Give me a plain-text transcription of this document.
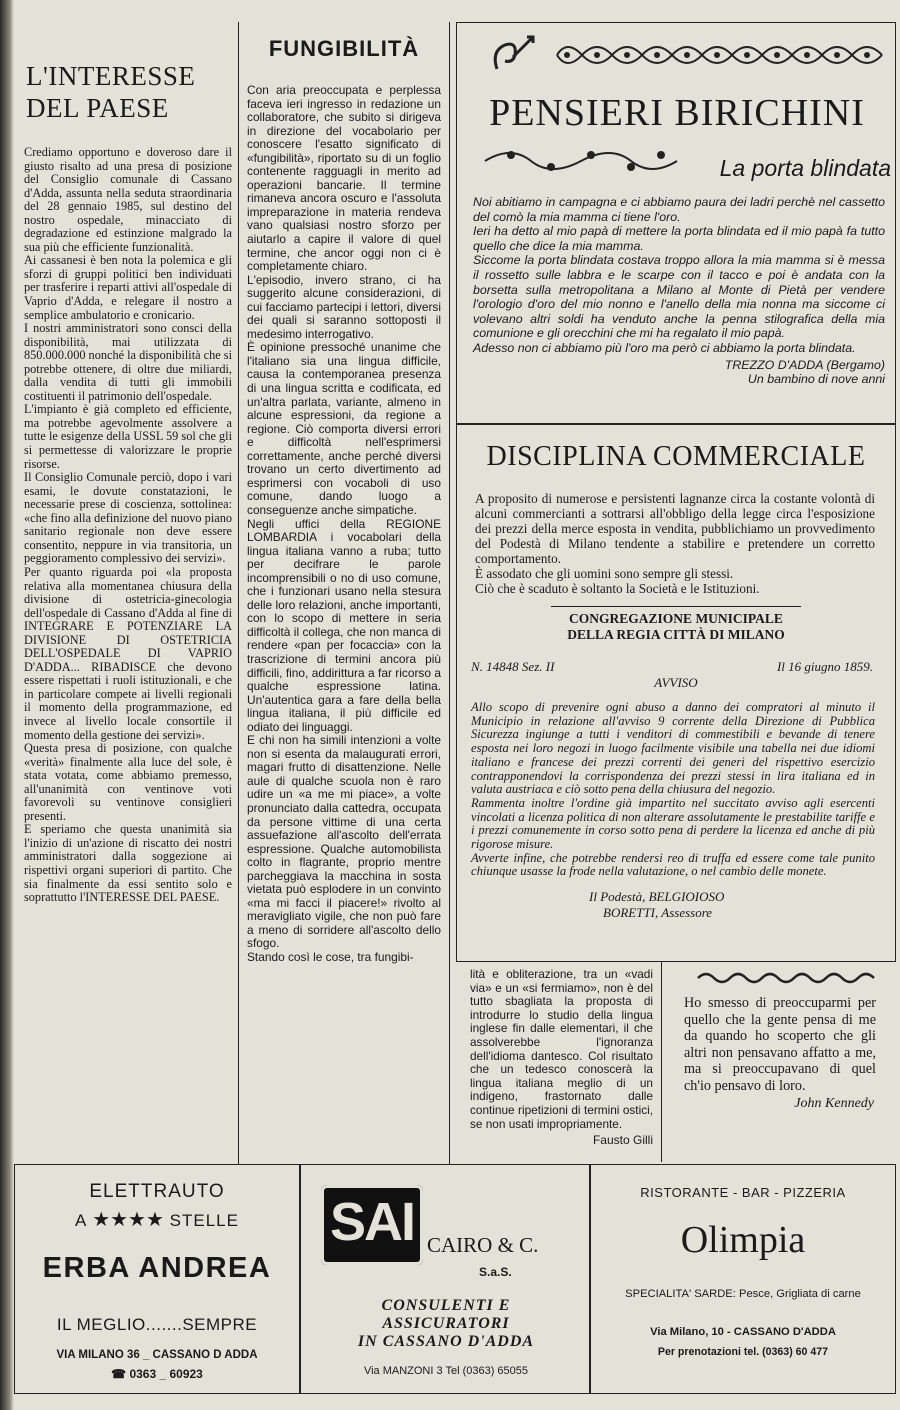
L'INTERESSE DEL PAESE

Crediamo opportuno e doveroso dare il giusto risalto ad una presa di posizione del Consiglio comunale di Cassano d'Adda, assunta nella seduta straordinaria del 28 gennaio 1985, sul destino del nostro ospedale, minacciato di degradazione ed estinzione malgrado la sua più che efficiente funzionalità.

Ai cassanesi è ben nota la polemica e gli sforzi di gruppi politici ben individuati per trasferire i reparti attivi all'ospedale di Vaprio d'Adda, e relegare il nostro a semplice ambulatorio e cronicario.

I nostri amministratori sono consci della disponibilità, mai utilizzata di 850.000.000 nonché la disponibilità che si potrebbe ottenere, di oltre due miliardi, dalla vendita di tutti gli immobili costituenti il patrimonio dell'ospedale.

L'impianto è già completo ed efficiente, ma potrebbe agevolmente assolvere a tutte le esigenze della USSL 59 sol che gli si permettesse di valorizzare le proprie risorse.

Il Consiglio Comunale perciò, dopo i vari esami, le dovute constatazioni, le necessarie prese di coscienza, sottolinea: «che fino alla definizione del nuovo piano sanitario regionale non deve essere consentito, neppure in via transitoria, un peggioramento complessivo dei servizi».

Per quanto riguarda poi «la proposta relativa alla momentanea chiusura della divisione di ostetricia-ginecologia dell'ospedale di Cassano d'Adda al fine di INTEGRARE E POTENZIARE LA DIVISIONE DI OSTETRICIA DELL'OSPEDALE DI VAPRIO D'ADDA... RIBADISCE che devono essere rispettati i ruoli istituzionali, e che in particolare compete ai livelli regionali il momento della programmazione, ed invece al livello locale consortile il momento della gestione dei servizi».

Questa presa di posizione, con qualche «verità» finalmente alla luce del sole, è stata votata, come abbiamo premesso, all'unanimità con ventinove voti favorevoli su ventinove consiglieri presenti.

E speriamo che questa unanimità sia l'inizio di un'azione di riscatto dei nostri amministratori dalla soggezione ai rispettivi organi superiori di partito. Che sia finalmente da essi sentito solo e soprattutto l'INTERESSE DEL PAESE.

FUNGIBILITÀ

Con aria preoccupata e perplessa faceva ieri ingresso in redazione un collaboratore, che subito si dirigeva in direzione del vocabolario per conoscere l'esatto significato di «fungibilità», riportato su di un foglio contenente ragguagli in merito ad operazioni bancarie. Il termine rimaneva ancora oscuro e l'assoluta impreparazione in materia rendeva vano qualsiasi nostro sforzo per aiutarlo a capire il valore di quel termine, che ancor oggi non ci è completamente chiaro.

L'episodio, invero strano, ci ha suggerito alcune considerazioni, di cui facciamo partecipi i lettori, diversi dei quali si saranno sottoposti il medesimo interrogativo.

È opinione pressoché unanime che l'italiano sia una lingua difficile, causa la contemporanea presenza di una lingua scritta e codificata, ed un'altra parlata, variante, almeno in alcune espressioni, da regione a regione. Ciò comporta diversi errori e difficoltà nell'esprimersi correttamente, anche perché diversi trovano un certo divertimento ad esprimersi con vocaboli di uso comune, dando luogo a conseguenze anche simpatiche.

Negli uffici della REGIONE LOMBARDIA i vocabolari della lingua italiana vanno a ruba; tutto per decifrare le parole incomprensibili o no di uso comune, che i funzionari usano nella stesura delle loro relazioni, anche importanti, con lo scopo di mettere in seria difficoltà il collega, che non manca di rendere «pan per focaccia» con la trascrizione di termini ancora più difficili, fino, addirittura a far ricorso a qualche espressione latina. Un'autentica gara a fare della bella lingua italiana, il più difficile ed odiato dei linguaggi.

E chi non ha simili intenzioni a volte non si esenta da malaugurati errori, magari frutto di disattenzione. Nelle aule di qualche scuola non è raro udire un «a me mi piace», a volte pronunciato dalla cattedra, occupata da persone vittime di una certa assuefazione all'ascolto dell'errata espressione. Qualche automobilista colto in flagrante, proprio mentre parcheggiava la macchina in sosta vietata può esplodere in un convinto «ma mi facci il piacere!» rivolto al meravigliato vigile, che non può fare a meno di sorridere all'ascolto dello sfogo.

Stando così le cose, tra fungibi-

PENSIERI BIRICHINI
La porta blindata

Noi abitiamo in campagna e ci abbiamo paura dei ladri perchè nel cassetto del comò la mia mamma ci tiene l'oro.

Ieri ha detto al mio papà di mettere la porta blindata ed il mio papà fa tutto quello che dice la mia mamma.

Siccome la porta blindata costava troppo allora la mia mamma si è messa il rossetto sulle labbra e le scarpe con il tacco e poi è andata con la borsetta sulla metropolitana a Milano al Monte di Pietà per vendere l'orologio d'oro del mio nonno e l'anello della mia nonna ma siccome ci volevano altri soldi ha venduto anche la penna stilografica della mia comunione e gli orecchini che mi ha regalato il mio papà.

Adesso non ci abbiamo più l'oro ma però ci abbiamo la porta blindata.

TREZZO D'ADDA (Bergamo)
Un bambino di nove anni
DISCIPLINA COMMERCIALE

A proposito di numerose e persistenti lagnanze circa la costante volontà di alcuni commercianti a sottrarsi all'obbligo della legge circa l'esposizione dei prezzi della merce esposta in vendita, pubblichiamo un provvedimento del Podestà di Milano tendente a stabilire e pretendere un corretto comportamento.

È assodato che gli uomini sono sempre gli stessi.

Ciò che è scaduto è soltanto la Società e le Istituzioni.

CONGREGAZIONE MUNICIPALE
DELLA REGIA CITTÀ DI MILANO
N. 14848 Sez. II	Il 16 giugno 1859.
AVVISO

Allo scopo di prevenire ogni abuso a danno dei compratori al minuto il Municipio in relazione all'avviso 9 corrente della Direzione di Pubblica Sicurezza ingiunge a tutti i venditori di commestibili e bevande di tenere esposta nei loro negozi in luogo facilmente visibile una tabella nei due idiomi italiano e francese dei prezzi correnti dei generi del rispettivo esercizio contrapponendovi la corrispondenza dei prezzi stessi in lira italiana ed in valuta austriaca e ciò sotto pena della chiusura del negozio.

Rammenta inoltre l'ordine già impartito nel succitato avviso agli esercenti vincolati a licenza politica di non alterare assolutamente le prestabilite tariffe e i prezzi comunemente in corso sotto pena di perdere la licenza ed anche di più rigorose misure.

Avverte infine, che potrebbe rendersi reo di truffa ed essere come tale punito chiunque usasse la frode nella valutazione, o nel cambio delle monete.

Il Podestà, BELGIOIOSO
BORETTI, Assessore
lità e obliterazione, tra un «vadi via» e un «si fermiamo», non è del tutto sbagliata la proposta di introdurre lo studio della lingua inglese fin dalle elementari, il che assolverebbe l'ignoranza dell'idioma dantesco. Col risultato che un tedesco conoscerà la lingua italiana meglio di un indigeno, frastornato dalle continue ripetizioni di termini ostici, se non usati impropriamente.
Fausto Gilli
Ho smesso di preoccuparmi per quello che la gente pensa di me da quando ho scoperto che gli altri non pensavano affatto a me, ma si preoccupavano di quel ch'io pensavo di loro.
John Kennedy
ELETTRAUTO
A ★★★★ STELLE
ERBA ANDREA
IL MEGLIO.......SEMPRE
VIA MILANO 36 _ CASSANO D ADDA
☎ 0363 _ 60923
SAI CAIRO & C.
S.a.S.
CONSULENTI E
ASSICURATORI
IN CASSANO D'ADDA
Via MANZONI 3 Tel (0363) 65055
RISTORANTE - BAR - PIZZERIA
Olimpia
SPECIALITA' SARDE: Pesce, Grigliata di carne
Via Milano, 10 - CASSANO D'ADDA
Per prenotazioni tel. (0363) 60 477
